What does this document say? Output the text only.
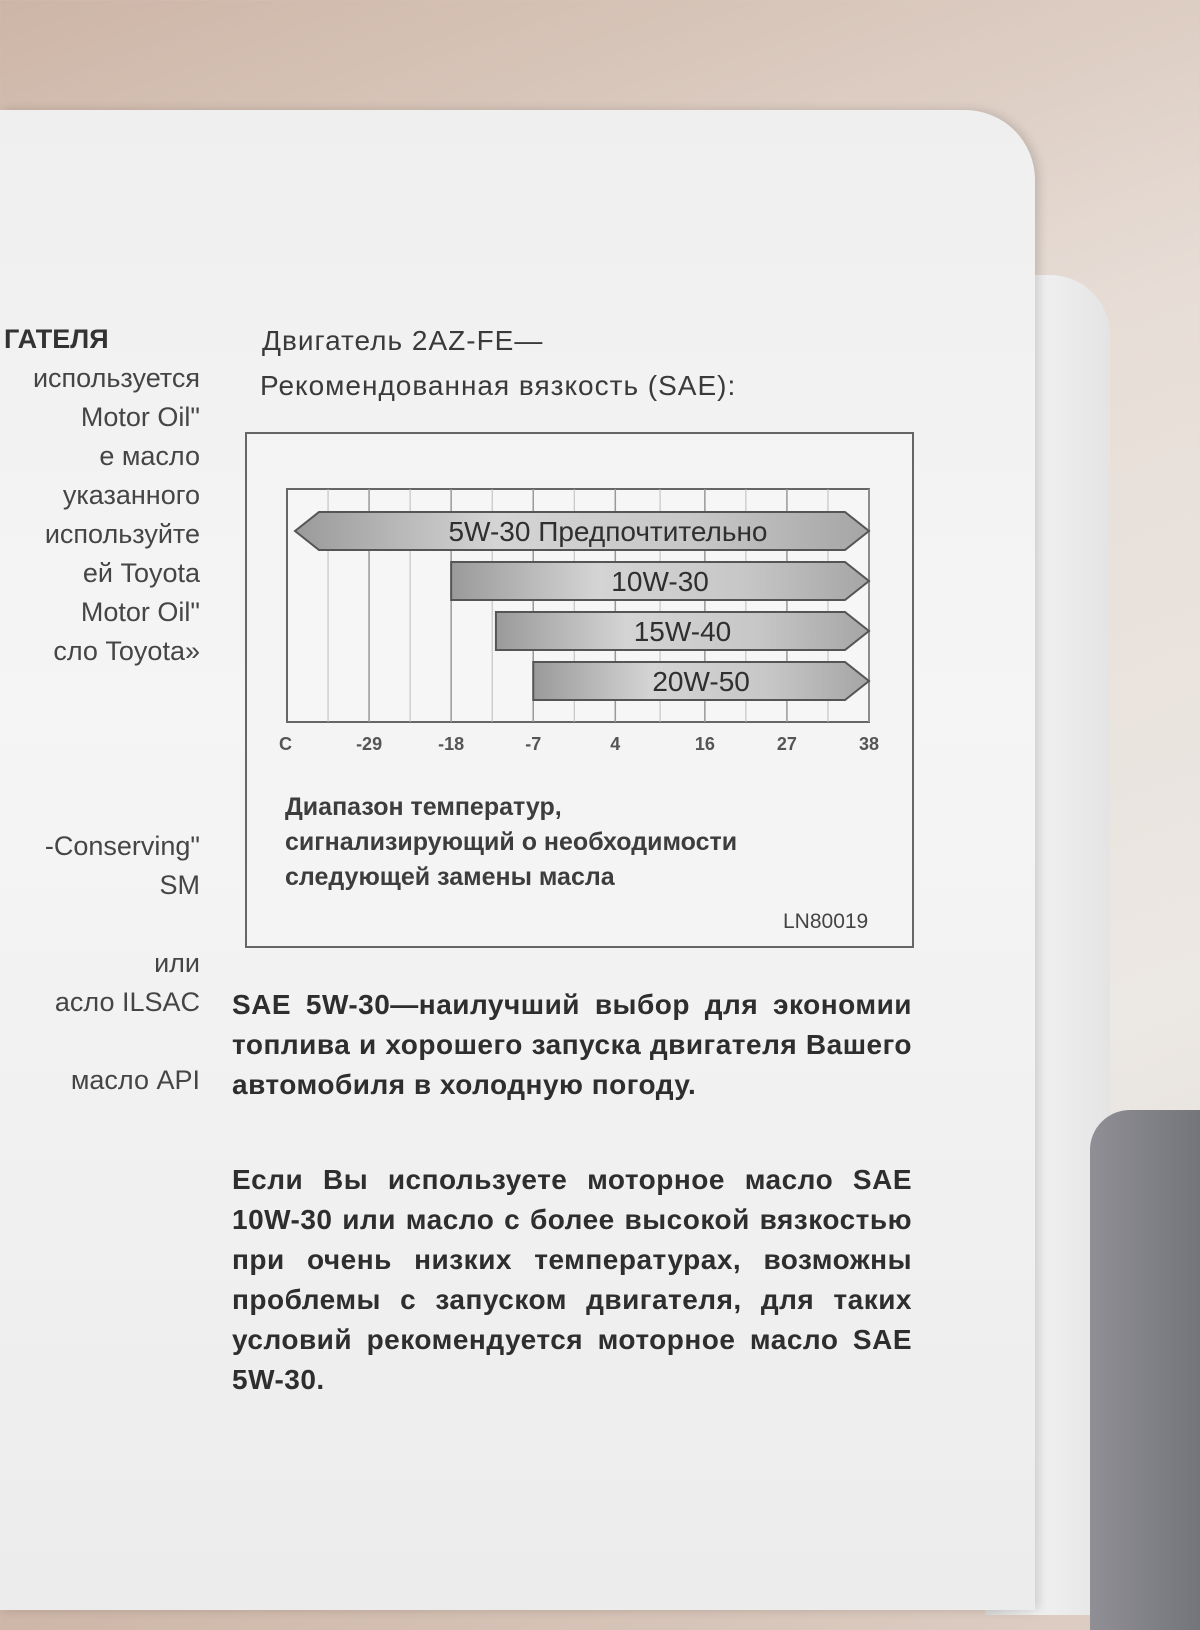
ГАТЕЛЯ
используется
Motor Oil"
е масло
указанного
используйте
ей Toyota
Motor Oil"
сло Toyota»

-Conserving"
SM

или
асло ILSAC

масло API
Двигатель 2AZ-FE—
Рекомендованная вязкость (SAE):
5W-30 Предпочтительно
10W-30
15W-40
20W-50
C	-29	-18	-7	4	16	27	38
Диапазон температур,
сигнализирующий о необходимости
следующей замены масла
LN80019
SAE 5W-30—наилучший выбор для экономии топлива и хорошего запуска двигателя Вашего автомобиля в холодную погоду.
Если Вы используете моторное масло SAE 10W-30 или масло с более высокой вязкостью при очень низких температурах, возможны проблемы с запуском двигателя, для таких условий рекомендуется моторное масло SAE 5W-30.
